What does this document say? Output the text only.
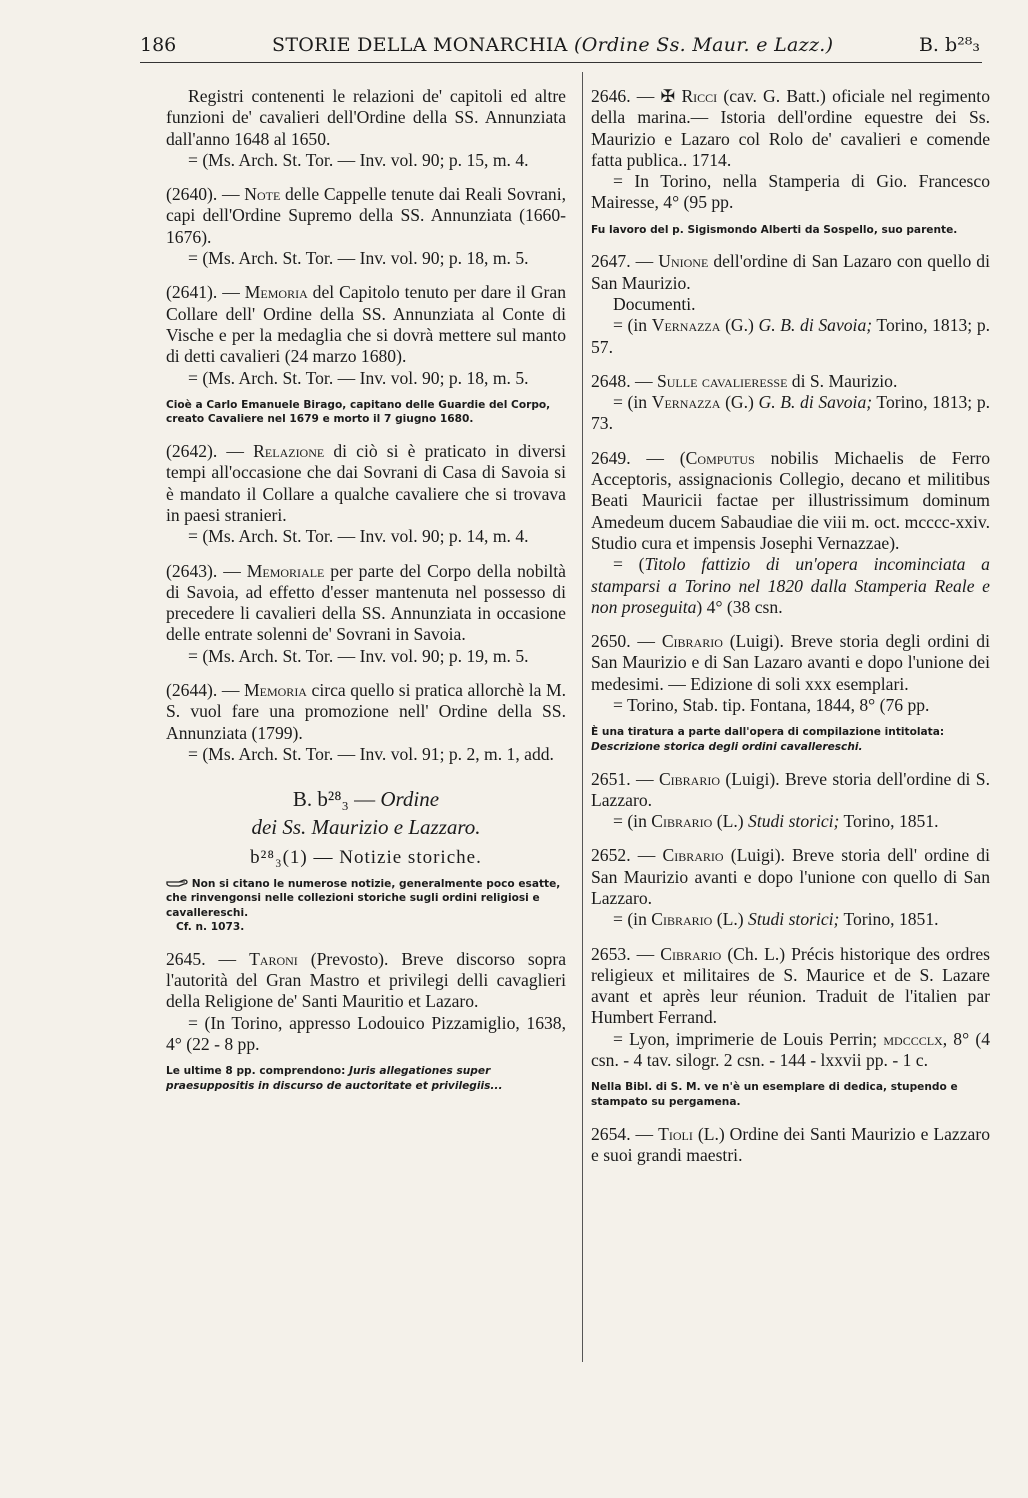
186	STORIE DELLA MONARCHIA (Ordine Ss. Maur. e Lazz.)	B. b²⁸₃

Registri contenenti le relazioni de' capitoli ed altre funzioni de' cavalieri dell'Ordine della SS. Annunziata dall'anno 1648 al 1650.

= (Ms. Arch. St. Tor. — Inv. vol. 90; p. 15, m. 4.

(2640). — Note delle Cappelle tenute dai Reali Sovrani, capi dell'Ordine Supremo della SS. Annunziata (1660-1676).

= (Ms. Arch. St. Tor. — Inv. vol. 90; p. 18, m. 5.

(2641). — Memoria del Capitolo tenuto per dare il Gran Collare dell' Ordine della SS. Annunziata al Conte di Vische e per la medaglia che si dovrà mettere sul manto di detti cavalieri (24 marzo 1680).

= (Ms. Arch. St. Tor. — Inv. vol. 90; p. 18, m. 5.

Cioè a Carlo Emanuele Birago, capitano delle Guardie del Corpo, creato Cavaliere nel 1679 e morto il 7 giugno 1680.

(2642). — Relazione di ciò si è praticato in diversi tempi all'occasione che dai Sovrani di Casa di Savoia si è mandato il Collare a qualche cavaliere che si trovava in paesi stranieri.

= (Ms. Arch. St. Tor. — Inv. vol. 90; p. 14, m. 4.

(2643). — Memoriale per parte del Corpo della nobiltà di Savoia, ad effetto d'esser mantenuta nel possesso di precedere li cavalieri della SS. Annunziata in occasione delle entrate solenni de' Sovrani in Savoia.

= (Ms. Arch. St. Tor. — Inv. vol. 90; p. 19, m. 5.

(2644). — Memoria circa quello si pratica allorchè la M. S. vuol fare una promozione nell' Ordine della SS. Annunziata (1799).

= (Ms. Arch. St. Tor. — Inv. vol. 91; p. 2, m. 1, add.

B. b²⁸₃ — Ordine
dei Ss. Maurizio e Lazzaro.
b²⁸₃(1) — Notizie storiche.
Non si citano le numerose notizie, generalmente poco esatte, che rinvengonsi nelle collezioni storiche sugli ordini religiosi e cavallereschi.
Cf. n. 1073.

2645. — Taroni (Prevosto). Breve discorso sopra l'autorità del Gran Mastro et privilegi delli cavaglieri della Religione de' Santi Mauritio et Lazaro.

= (In Torino, appresso Lodouico Pizzamiglio, 1638, 4° (22 - 8 pp.

Le ultime 8 pp. comprendono: Juris allegationes super praesuppositis in discurso de auctoritate et privilegiis...

2646. — ✠ Ricci (cav. G. Batt.) oficiale nel regimento della marina.— Istoria dell'ordine equestre dei Ss. Maurizio e Lazaro col Rolo de' cavalieri e comende fatta publica.. 1714.

= In Torino, nella Stamperia di Gio. Francesco Mairesse, 4° (95 pp.

Fu lavoro del p. Sigismondo Alberti da Sospello, suo parente.

2647. — Unione dell'ordine di San Lazaro con quello di San Maurizio.

Documenti.

= (in Vernazza (G.) G. B. di Savoia; Torino, 1813; p. 57.

2648. — Sulle cavalieresse di S. Maurizio.

= (in Vernazza (G.) G. B. di Savoia; Torino, 1813; p. 73.

2649. — (Computus nobilis Michaelis de Ferro Acceptoris, assignacionis Collegio, decano et militibus Beati Mauricii factae per illustrissimum dominum Amedeum ducem Sabaudiae die viii m. oct. mcccc-xxiv. Studio cura et impensis Josephi Vernazzae).

= (Titolo fattizio di un'opera incominciata a stamparsi a Torino nel 1820 dalla Stamperia Reale e non proseguita) 4° (38 csn.

2650. — Cibrario (Luigi). Breve storia degli ordini di San Maurizio e di San Lazaro avanti e dopo l'unione dei medesimi. — Edizione di soli xxx esemplari.

= Torino, Stab. tip. Fontana, 1844, 8° (76 pp.

È una tiratura a parte dall'opera di compilazione intitolata: Descrizione storica degli ordini cavallereschi.

2651. — Cibrario (Luigi). Breve storia dell'ordine di S. Lazzaro.

= (in Cibrario (L.) Studi storici; Torino, 1851.

2652. — Cibrario (Luigi). Breve storia dell' ordine di San Maurizio avanti e dopo l'unione con quello di San Lazzaro.

= (in Cibrario (L.) Studi storici; Torino, 1851.

2653. — Cibrario (Ch. L.) Précis historique des ordres religieux et militaires de S. Maurice et de S. Lazare avant et après leur réunion. Traduit de l'italien par Humbert Ferrand.

= Lyon, imprimerie de Louis Perrin; mdccclx, 8° (4 csn. - 4 tav. silogr. 2 csn. - 144 - lxxvii pp. - 1 c.

Nella Bibl. di S. M. ve n'è un esemplare di dedica, stupendo e stampato su pergamena.

2654. — Tioli (L.) Ordine dei Santi Maurizio e Lazzaro e suoi grandi maestri.
